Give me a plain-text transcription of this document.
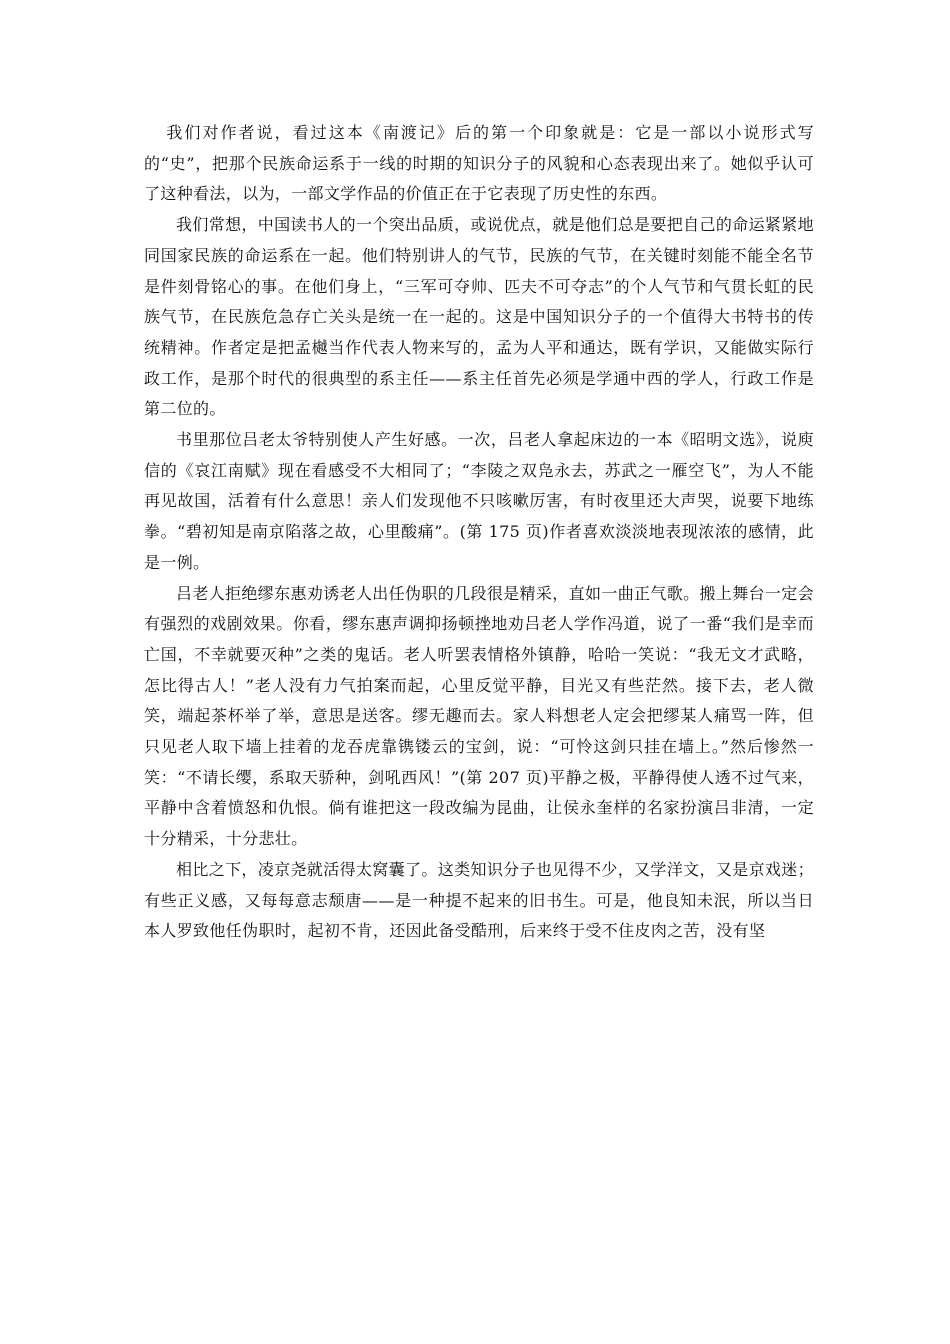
我们对作者说，看过这本《南渡记》后的第一个印象就是：它是一部以小说形式写的“史”，把那个民族命运系于一线的时期的知识分子的风貌和心态表现出来了。她似乎认可了这种看法，以为，一部文学作品的价值正在于它表现了历史性的东西。

我们常想，中国读书人的一个突出品质，或说优点，就是他们总是要把自己的命运紧紧地同国家民族的命运系在一起。他们特别讲人的气节，民族的气节，在关键时刻能不能全名节是件刻骨铭心的事。在他们身上，“三军可夺帅、匹夫不可夺志”的个人气节和气贯长虹的民族气节，在民族危急存亡关头是统一在一起的。这是中国知识分子的一个值得大书特书的传统精神。作者定是把孟樾当作代表人物来写的，孟为人平和通达，既有学识，又能做实际行政工作，是那个时代的很典型的系主任——系主任首先必须是学通中西的学人，行政工作是第二位的。

书里那位吕老太爷特别使人产生好感。一次，吕老人拿起床边的一本《昭明文选》，说庾信的《哀江南赋》现在看感受不大相同了；“李陵之双凫永去，苏武之一雁空飞”，为人不能再见故国，活着有什么意思！亲人们发现他不只咳嗽厉害，有时夜里还大声哭，说要下地练拳。“碧初知是南京陷落之故，心里酸痛”。(第 175 页)作者喜欢淡淡地表现浓浓的感情，此是一例。

吕老人拒绝缪东惠劝诱老人出任伪职的几段很是精采，直如一曲正气歌。搬上舞台一定会有强烈的戏剧效果。你看，缪东惠声调抑扬顿挫地劝吕老人学作冯道，说了一番“我们是幸而亡国，不幸就要灭种”之类的鬼话。老人听罢表情格外镇静，哈哈一笑说：“我无文才武略，怎比得古人！”老人没有力气拍案而起，心里反觉平静，目光又有些茫然。接下去，老人微笑，端起茶杯举了举，意思是送客。缪无趣而去。家人料想老人定会把缪某人痛骂一阵，但只见老人取下墙上挂着的龙吞虎靠镌镂云的宝剑，说：“可怜这剑只挂在墙上。”然后惨然一笑：“不请长缨，系取天骄种，剑吼西风！”(第 207 页)平静之极，平静得使人透不过气来，平静中含着愤怒和仇恨。倘有谁把这一段改编为昆曲，让侯永奎样的名家扮演吕非清，一定十分精采，十分悲壮。

相比之下，凌京尧就活得太窝囊了。这类知识分子也见得不少，又学洋文，又是京戏迷；有些正义感，又每每意志颓唐——是一种提不起来的旧书生。可是，他良知未泯，所以当日本人罗致他任伪职时，起初不肯，还因此备受酷刑，后来终于受不住皮肉之苦，没有坚
